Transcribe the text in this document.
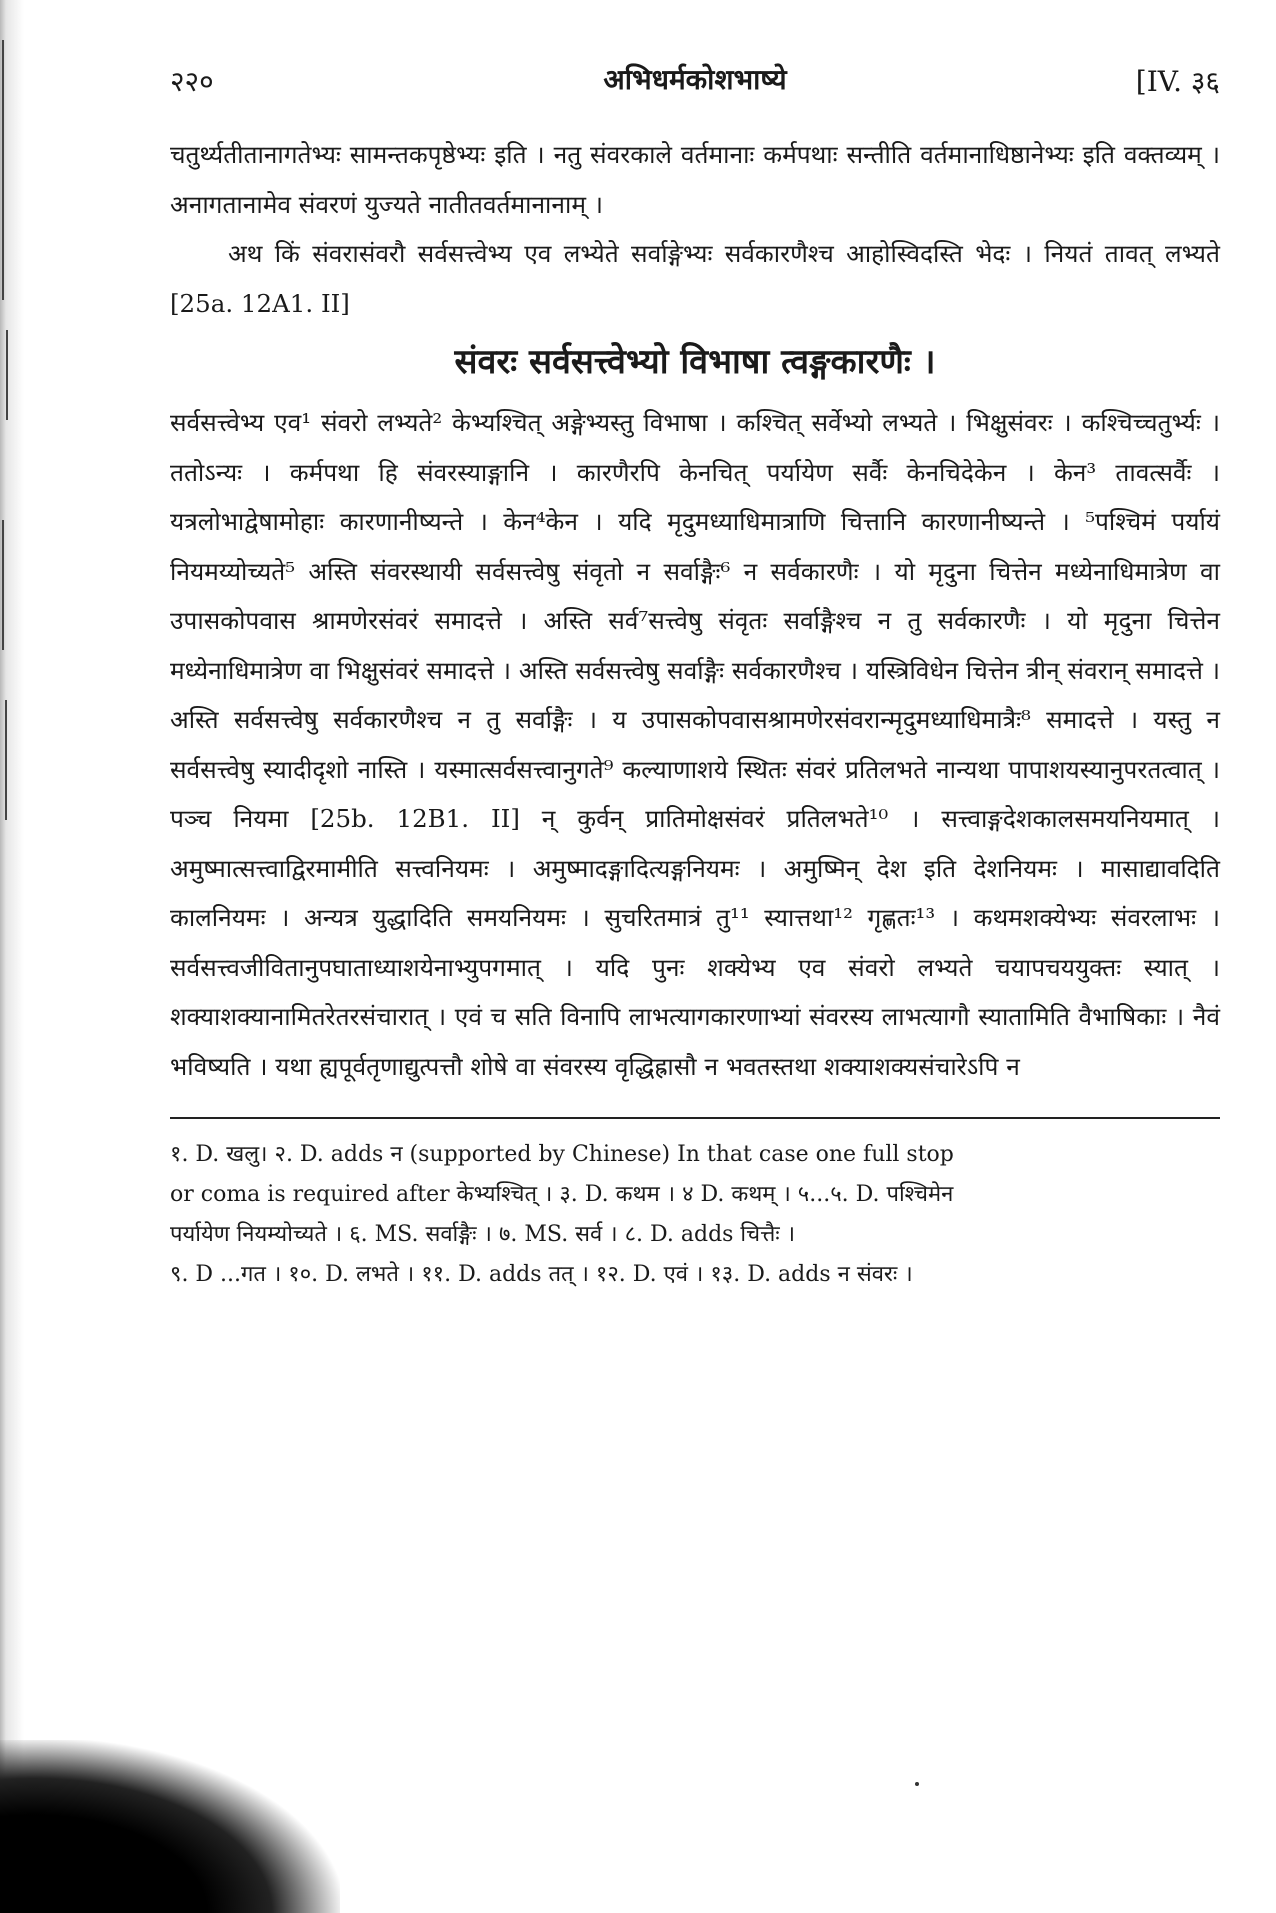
२२०	अभिधर्मकोशभाष्ये	[IV. ३६

चतुर्थ्यतीतानागतेभ्यः सामन्तकपृष्ठेभ्यः इति । नतु संवरकाले वर्तमानाः कर्मपथाः सन्तीति वर्तमानाधिष्ठानेभ्यः इति वक्तव्यम् । अनागतानामेव संवरणं युज्यते नातीतवर्तमानानाम् ।

अथ किं संवरासंवरौ सर्वसत्त्वेभ्य एव लभ्येते सर्वाङ्गेभ्यः सर्वकारणैश्च आहोस्विदस्ति भेदः । नियतं तावत् लभ्यते [25a. 12A1. II]

संवरः सर्वसत्त्वेभ्यो विभाषा त्वङ्गकारणैः ।

सर्वसत्त्वेभ्य एव¹ संवरो लभ्यते² केभ्यश्चित् अङ्गेभ्यस्तु विभाषा । कश्चित् सर्वेभ्यो लभ्यते । भिक्षुसंवरः । कश्चिच्चतुर्भ्यः । ततोऽन्यः । कर्मपथा हि संवरस्याङ्गानि । कारणैरपि केनचित् पर्यायेण सर्वैः केनचिदेकेन । केन³ तावत्सर्वैः । यत्रलोभाद्वेषामोहाः कारणानीष्यन्ते । केन⁴केन । यदि मृदुमध्याधिमात्राणि चित्तानि कारणानीष्यन्ते । ⁵पश्चिमं पर्यायं नियमय्योच्यते⁵ अस्ति संवरस्थायी सर्वसत्त्वेषु संवृतो न सर्वाङ्गैः⁶ न सर्वकारणैः । यो मृदुना चित्तेन मध्येनाधिमात्रेण वा उपासकोपवास श्रामणेरसंवरं समादत्ते । अस्ति सर्व⁷सत्त्वेषु संवृतः सर्वाङ्गैश्च न तु सर्वकारणैः । यो मृदुना चित्तेन मध्येनाधिमात्रेण वा भिक्षुसंवरं समादत्ते । अस्ति सर्वसत्त्वेषु सर्वाङ्गैः सर्वकारणैश्च । यस्त्रिविधेन चित्तेन त्रीन् संवरान् समादत्ते । अस्ति सर्वसत्त्वेषु सर्वकारणैश्च न तु सर्वाङ्गैः । य उपासकोपवासश्रामणेरसंवरान्मृदुमध्याधिमात्रैः⁸ समादत्ते । यस्तु न सर्वसत्त्वेषु स्यादीदृशो नास्ति । यस्मात्सर्वसत्त्वानुगते⁹ कल्याणाशये स्थितः संवरं प्रतिलभते नान्यथा पापाशयस्यानुपरतत्वात् । पञ्च नियमा [25b. 12B1. II] न् कुर्वन् प्रातिमोक्षसंवरं प्रतिलभते¹⁰ । सत्त्वाङ्गदेशकालसमयनियमात् । अमुष्मात्सत्त्वाद्विरमामीति सत्त्वनियमः । अमुष्मादङ्गादित्यङ्गनियमः । अमुष्मिन् देश इति देशनियमः । मासाद्यावदिति कालनियमः । अन्यत्र युद्धादिति समयनियमः । सुचरितमात्रं तु¹¹ स्यात्तथा¹² गृह्णतः¹³ । कथमशक्येभ्यः संवरलाभः । सर्वसत्त्वजीवितानुपघाताध्याशयेनाभ्युपगमात् । यदि पुनः शक्येभ्य एव संवरो लभ्यते चयापचययुक्तः स्यात् । शक्याशक्यानामितरेतरसंचारात् । एवं च सति विनापि लाभत्यागकारणाभ्यां संवरस्य लाभत्यागौ स्यातामिति वैभाषिकाः । नैवं भविष्यति । यथा ह्यपूर्वतृणाद्युत्पत्तौ शोषे वा संवरस्य वृद्धिह्रासौ न भवतस्तथा शक्याशक्यसंचारेऽपि न

१. D. खलु। २. D. adds न (supported by Chinese) In that case one full stop

or coma is required after केभ्यश्चित् । ३. D. कथम । ४ D. कथम् । ५...५. D. पश्चिमेन

पर्यायेण नियम्योच्यते । ६. MS. सर्वाङ्गैः । ७. MS. सर्व । ८. D. adds चित्तैः ।

९. D ...गत । १०. D. लभते । ११. D. adds तत् । १२. D. एवं । १३. D. adds न संवरः ।
